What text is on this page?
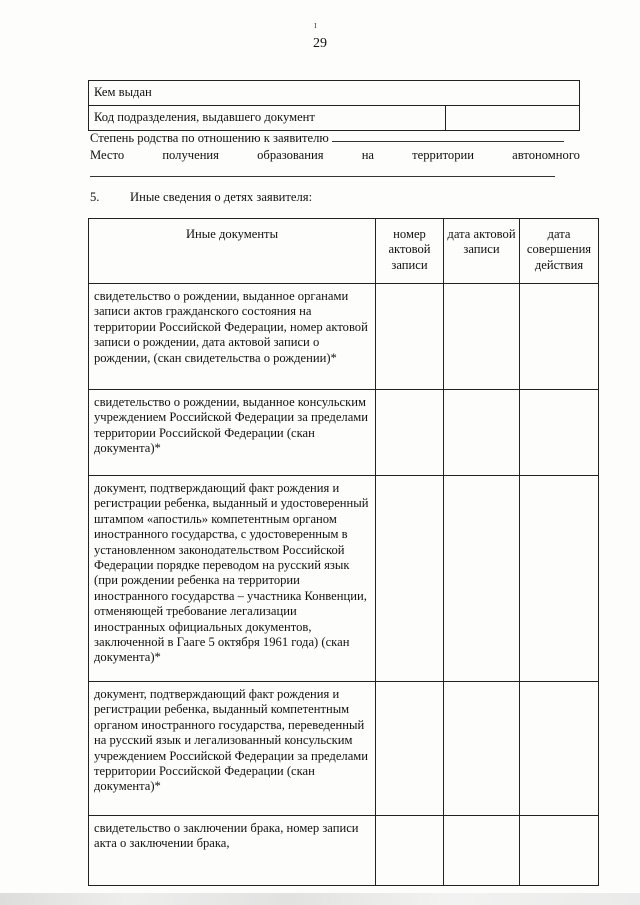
ɪ
29
Кем выдан
Код подразделения, выдавшего документ	
Степень родства по отношению к заявителю
Место	получения	образования	на	территории	автономного
5. Иные сведения о детях заявителя:
Иные документы	номер актовой записи	дата актовой записи	дата совершения действия
свидетельство о рождении, выданное органами записи актов гражданского состояния на территории Российской Федерации, номер актовой записи о рождении, дата актовой записи о рождении, (скан свидетельства о рождении)*			
свидетельство о рождении, выданное консульским учреждением Российской Федерации за пределами территории Российской Федерации (скан документа)*			
документ, подтверждающий факт рождения и регистрации ребенка, выданный и удостоверенный штампом «апостиль» компетентным органом иностранного государства, с удостоверенным в установленном законодательством Российской Федерации порядке переводом на русский язык (при рождении ребенка на территории иностранного государства – участника Конвенции, отменяющей требование легализации иностранных официальных документов, заключенной в Гааге 5 октября 1961 года) (скан документа)*			
документ, подтверждающий факт рождения и регистрации ребенка, выданный компетентным органом иностранного государства, переведенный на русский язык и легализованный консульским учреждением Российской Федерации за пределами территории Российской Федерации (скан документа)*			
свидетельство о заключении брака, номер записи акта о заключении брака,			
